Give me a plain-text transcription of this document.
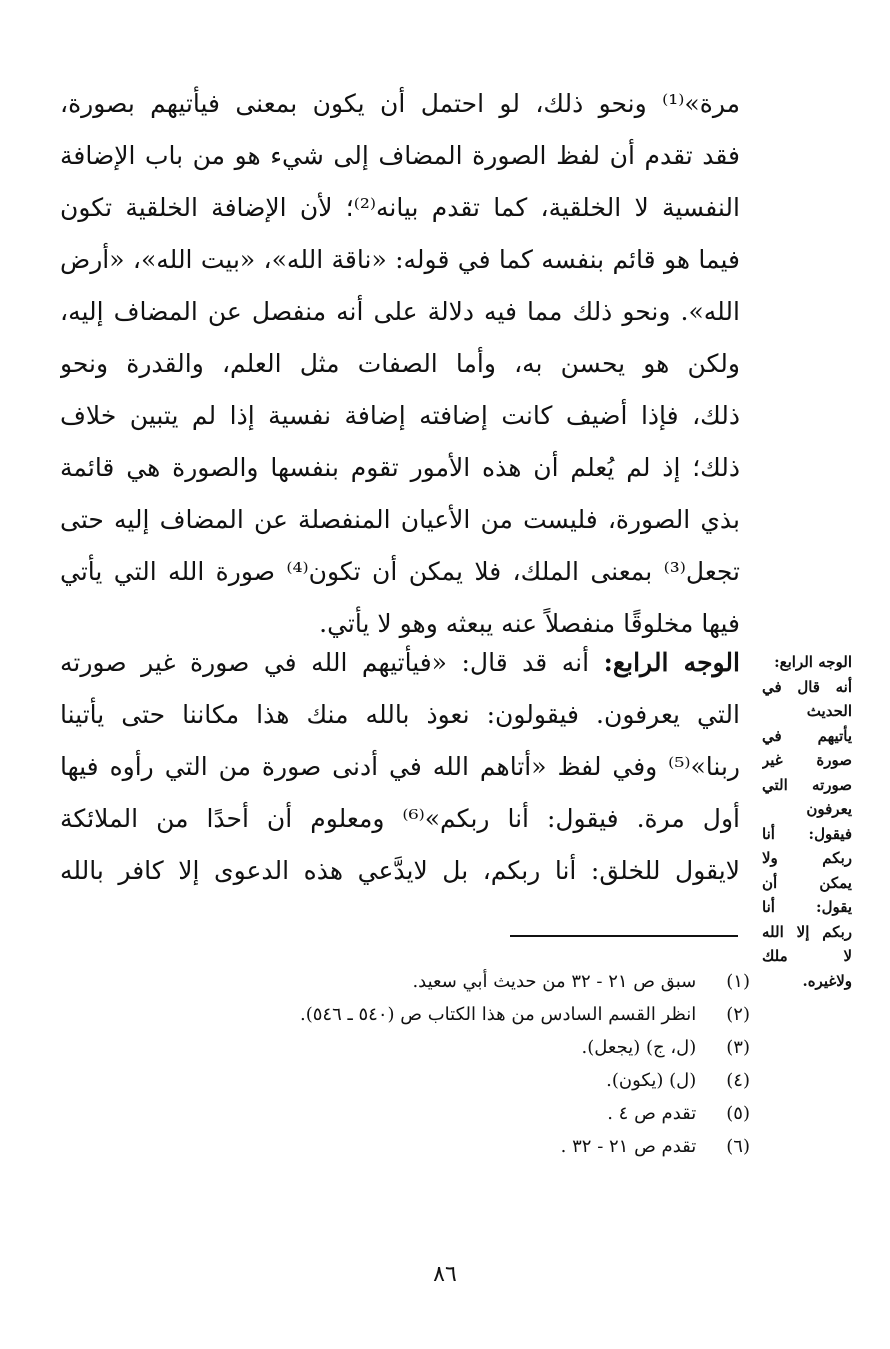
مرة»⁽¹⁾ ونحو ذلك، لو احتمل أن يكون بمعنى فيأتيهم بصورة،
فقد تقدم أن لفظ الصورة المضاف إلى شيء هو من باب الإضافة
النفسية لا الخلقية، كما تقدم بيانه⁽²⁾؛ لأن الإضافة الخلقية تكون
فيما هو قائم بنفسه كما في قوله: «ناقة الله»، «بيت الله»، «أرض
الله». ونحو ذلك مما فيه دلالة على أنه منفصل عن المضاف إليه،
ولكن هو يحسن به، وأما الصفات مثل العلم، والقدرة ونحو
ذلك، فإذا أضيف كانت إضافته إضافة نفسية إذا لم يتبين خلاف
ذلك؛ إذ لم يُعلم أن هذه الأمور تقوم بنفسها والصورة هي قائمة
بذي الصورة، فليست من الأعيان المنفصلة عن المضاف إليه حتى
تجعل⁽³⁾ بمعنى الملك، فلا يمكن أن تكون⁽⁴⁾ صورة الله التي يأتي
فيها مخلوقًا منفصلاً عنه يبعثه وهو لا يأتي.
الوجه الرابع: أنه قد قال: «فيأتيهم الله في صورة غير صورته
التي يعرفون. فيقولون: نعوذ بالله منك هذا مكاننا حتى يأتينا
ربنا»⁽⁵⁾ وفي لفظ «أتاهم الله في أدنى صورة من التي رأوه فيها
أول مرة. فيقول: أنا ربكم»⁽⁶⁾ ومعلوم أن أحدًا من الملائكة
لايقول للخلق: أنا ربكم، بل لايدَّعي هذه الدعوى إلا كافر بالله
الوجه الرابع:
أنه قال في
الحديث
يأتيهم في
صورة غير
صورته التي
يعرفون
فيقول: أنا
ربكم ولا
يمكن أن
يقول: أنا
ربكم إلا الله
لا ملك
ولاغيره.
(١) سبق ص ٢١ - ٣٢ من حديث أبي سعيد.
(٢) انظر القسم السادس من هذا الكتاب ص (٥٤٠ ـ ٥٤٦).
(٣) (ل، ج) (يجعل).
(٤) (ل) (يكون).
(٥) تقدم ص ٤ .
(٦) تقدم ص ٢١ - ٣٢ .
٨٦
